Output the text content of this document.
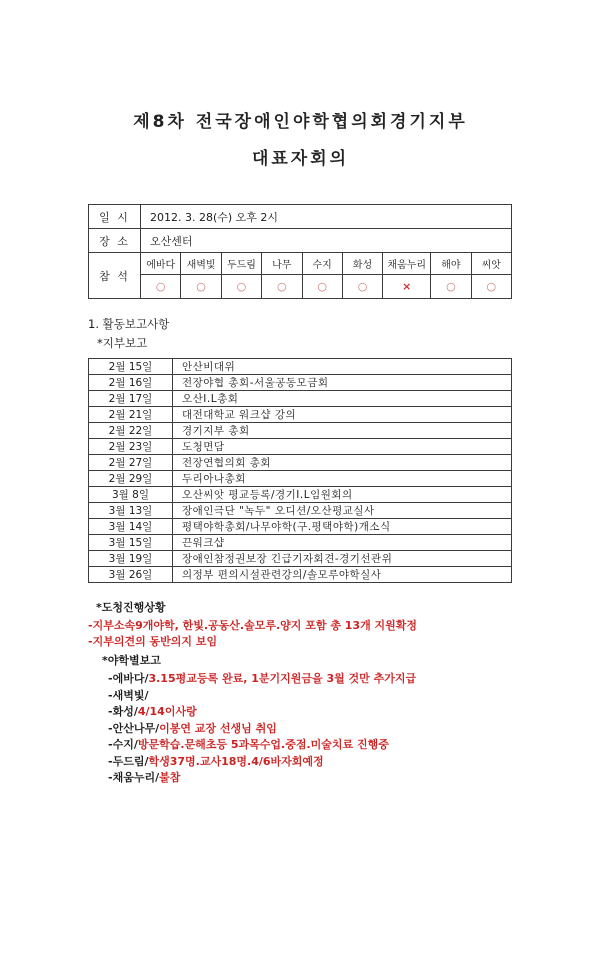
제8차 전국장애인야학협의회경기지부
대표자회의
일 시	2012. 3. 28(수) 오후 2시								
장 소	오산센터								
참 석	에바다	새벽빛	두드림	나무	수지	화성	채움누리	해야	씨앗
	○	○	○	○	○	○	×	○	○

1. 활동보고사항

*지부보고

2월 15일	안산비대위
2월 16일	전장야협 총회-서울공동모금회
2월 17일	오산I.L총회
2월 21일	대전대학교 워크샵 강의
2월 22일	경기지부 총회
2월 23일	도청면담
2월 27일	전장연협의회 총회
2월 29일	두리아나총회
3월 8일	오산씨앗 평교등록/경기I.L임원회의
3월 13일	장애인극단 "녹두" 오디션/오산평교실사
3월 14일	평택야학총회/나무야학(구.평택야학)개소식
3월 15일	끈워크샵
3월 19일	장애인참정권보장 긴급기자회견-경기선관위
3월 26일	의정부 편의시설관련강의/솔모루야학실사
*도청진행상황
-지부소속9개야학, 한빛.공동산.솔모루.양지 포함 총 13개 지원확정
-지부의견의 동반의지 보임
*야학별보고
-에바다/3.15평교등록 완료, 1분기지원금을 3월 것만 추가지급
-새벽빛/
-화성/4/14이사랑
-안산나무/이봉연 교장 선생님 취임
-수지/방문학습.문해초등 5과목수업.중점.미술치료 진행중
-두드림/학생37명.교사18명.4/6바자회예정
-채움누리/불참
